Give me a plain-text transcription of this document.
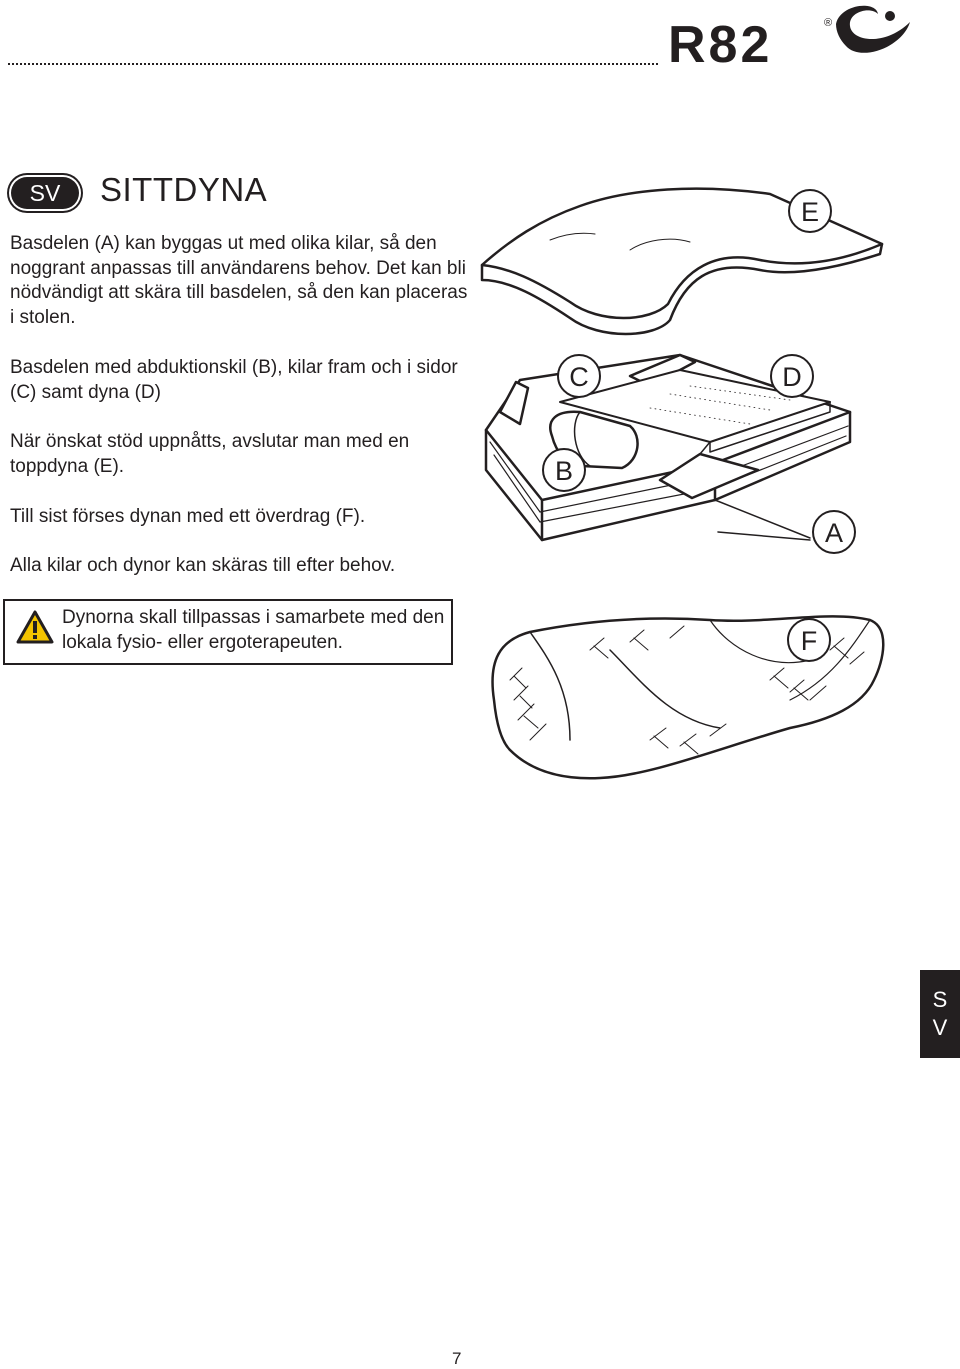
R82	®
SV	SITTDYNA

Basdelen (A) kan byggas ut med olika kilar, så den noggrant anpassas till användarens behov. Det kan bli nödvändigt att skära till basdelen, så den kan placeras i stolen.

Basdelen med abduktionskil (B), kilar fram och i sidor (C) samt dyna (D)

När önskat stöd uppnåtts, avslutar man med en toppdyna (E).

Till sist förses dynan med ett överdrag (F).

Alla kilar och dynor kan skäras till efter behov.

Dynorna skall tillpassas i samarbete med den lokala fysio- eller ergoterapeuten.

E
C	D
B
A
F
S
V
7
